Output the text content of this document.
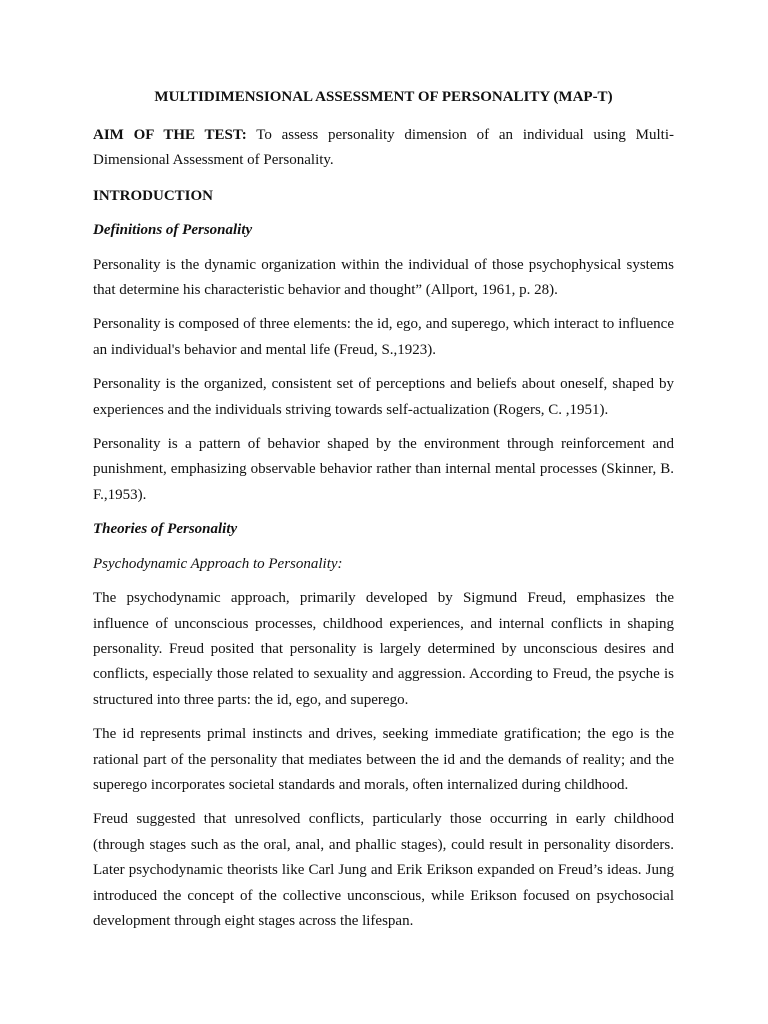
MULTIDIMENSIONAL ASSESSMENT OF PERSONALITY (MAP-T)

AIM OF THE TEST: To assess personality dimension of an individual using Multi-Dimensional Assessment of Personality.

INTRODUCTION
Definitions of Personality

Personality is the dynamic organization within the individual of those psychophysical systems that determine his characteristic behavior and thought” (Allport, 1961, p. 28).

Personality is composed of three elements: the id, ego, and superego, which interact to influence an individual's behavior and mental life (Freud, S.,1923).

Personality is the organized, consistent set of perceptions and beliefs about oneself, shaped by experiences and the individuals striving towards self-actualization (Rogers, C. ,1951).

Personality is a pattern of behavior shaped by the environment through reinforcement and punishment, emphasizing observable behavior rather than internal mental processes (Skinner, B. F.,1953).

Theories of Personality
Psychodynamic Approach to Personality:

The psychodynamic approach, primarily developed by Sigmund Freud, emphasizes the influence of unconscious processes, childhood experiences, and internal conflicts in shaping personality. Freud posited that personality is largely determined by unconscious desires and conflicts, especially those related to sexuality and aggression. According to Freud, the psyche is structured into three parts: the id, ego, and superego.

The id represents primal instincts and drives, seeking immediate gratification; the ego is the rational part of the personality that mediates between the id and the demands of reality; and the superego incorporates societal standards and morals, often internalized during childhood.

Freud suggested that unresolved conflicts, particularly those occurring in early childhood (through stages such as the oral, anal, and phallic stages), could result in personality disorders. Later psychodynamic theorists like Carl Jung and Erik Erikson expanded on Freud’s ideas. Jung introduced the concept of the collective unconscious, while Erikson focused on psychosocial development through eight stages across the lifespan.
